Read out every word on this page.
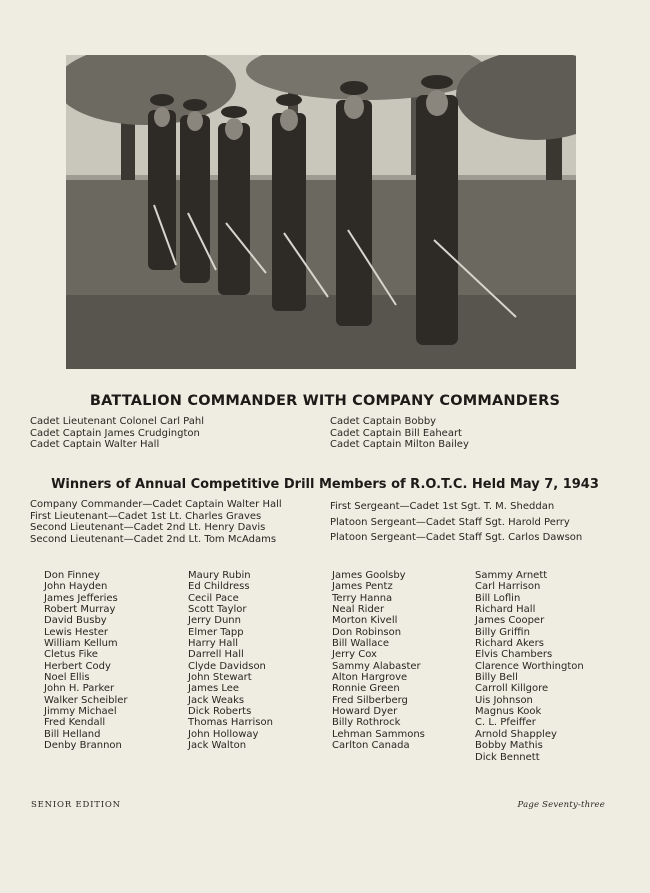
BATTALION COMMANDER WITH COMPANY COMMANDERS
Cadet Lieutenant Colonel Carl Pahl
Cadet Captain James Crudgington
Cadet Captain Walter Hall
Cadet Captain Bobby
Cadet Captain Bill Eaheart
Cadet Captain Milton Bailey
Winners of Annual Competitive Drill Members of R.O.T.C. Held May 7, 1943
Company Commander—Cadet Captain Walter Hall
First Lieutenant—Cadet 1st Lt. Charles Graves
Second Lieutenant—Cadet 2nd Lt. Henry Davis
Second Lieutenant—Cadet 2nd Lt. Tom McAdams
First Sergeant—Cadet 1st Sgt. T. M. Sheddan
Platoon Sergeant—Cadet Staff Sgt. Harold Perry
Platoon Sergeant—Cadet Staff Sgt. Carlos Dawson
Don Finney
John Hayden
James Jefferies
Robert Murray
David Busby
Lewis Hester
William Kellum
Cletus Fike
Herbert Cody
Noel Ellis
John H. Parker
Walker Scheibler
Jimmy Michael
Fred Kendall
Bill Helland
Denby Brannon
Maury Rubin
Ed Childress
Cecil Pace
Scott Taylor
Jerry Dunn
Elmer Tapp
Harry Hall
Darrell Hall
Clyde Davidson
John Stewart
James Lee
Jack Weaks
Dick Roberts
Thomas Harrison
John Holloway
Jack Walton
James Goolsby
James Pentz
Terry Hanna
Neal Rider
Morton Kivell
Don Robinson
Bill Wallace
Jerry Cox
Sammy Alabaster
Alton Hargrove
Ronnie Green
Fred Silberberg
Howard Dyer
Billy Rothrock
Lehman Sammons
Carlton Canada
Sammy Arnett
Carl Harrison
Bill Loflin
Richard Hall
James Cooper
Billy Griffin
Richard Akers
Elvis Chambers
Clarence Worthington
Billy Bell
Carroll Killgore
Uis Johnson
Magnus Kook
C. L. Pfeiffer
Arnold Shappley
Bobby Mathis
Dick Bennett
SENIOR EDITION	Page Seventy-three
